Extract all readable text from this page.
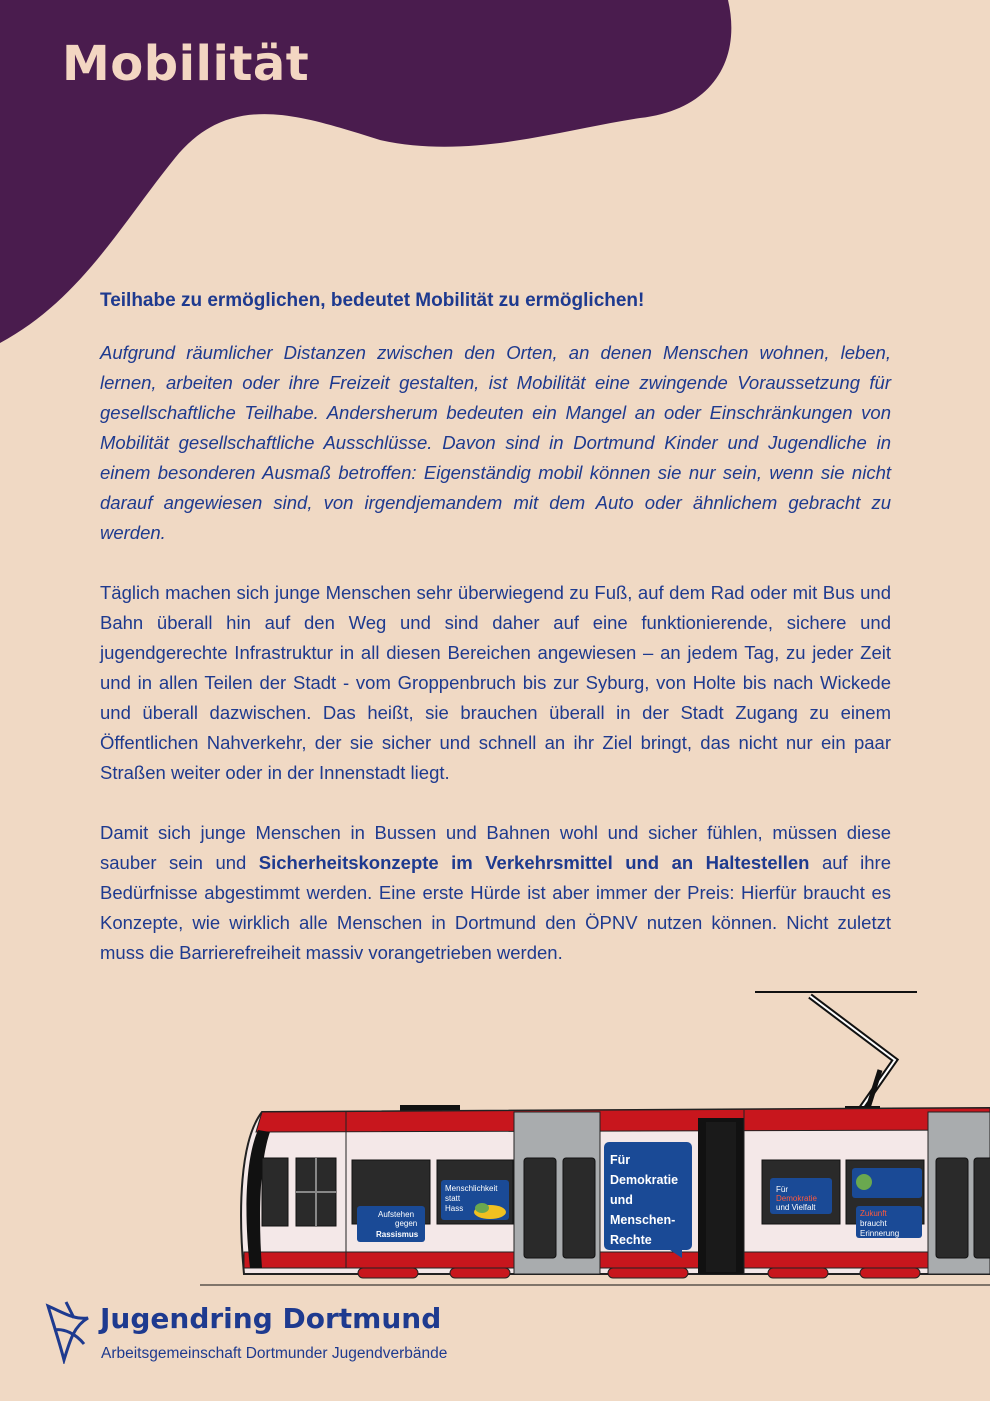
Mobilität

Teilhabe zu ermöglichen, bedeutet Mobilität zu ermöglichen!

Aufgrund räumlicher Distanzen zwischen den Orten, an denen Menschen wohnen, leben, lernen, arbeiten oder ihre Freizeit gestalten, ist Mobilität eine zwingende Voraussetzung für gesellschaftliche Teilhabe. Andersherum bedeuten ein Mangel an oder Einschränkungen von Mobilität gesellschaftliche Ausschlüsse. Davon sind in Dortmund Kinder und Jugendliche in einem besonderen Ausmaß betroffen: Eigenständig mobil können sie nur sein, wenn sie nicht darauf angewiesen sind, von irgendjemandem mit dem Auto oder ähnlichem gebracht zu werden.

Täglich machen sich junge Menschen sehr überwiegend zu Fuß, auf dem Rad oder mit Bus und Bahn überall hin auf den Weg und sind daher auf eine funktionierende, sichere und jugendgerechte Infrastruktur in all diesen Bereichen angewiesen – an jedem Tag, zu jeder Zeit und in allen Teilen der Stadt - vom Groppenbruch bis zur Syburg, von Holte bis nach Wickede und überall dazwischen. Das heißt, sie brauchen überall in der Stadt Zugang zu einem Öffentlichen Nahverkehr, der sie sicher und schnell an ihr Ziel bringt, das nicht nur ein paar Straßen weiter oder in der Innenstadt liegt.

Damit sich junge Menschen in Bussen und Bahnen wohl und sicher fühlen, müssen diese sauber sein und Sicherheitskonzepte im Verkehrsmittel und an Haltestellen auf ihre Bedürfnisse abgestimmt werden. Eine erste Hürde ist aber immer der Preis: Hierfür braucht es Konzepte, wie wirklich alle Menschen in Dortmund den ÖPNV nutzen können. Nicht zuletzt muss die Barrierefreiheit massiv vorangetrieben werden.

Für
Demokratie
und
Menschen-
Rechte
Aufstehen
gegen
Rassismus
Menschlichkeit
statt
Hass
Für
Demokratie
und Vielfalt
Zukunft
braucht
Erinnerung

Jugendring Dortmund

Arbeitsgemeinschaft Dortmunder Jugendverbände
